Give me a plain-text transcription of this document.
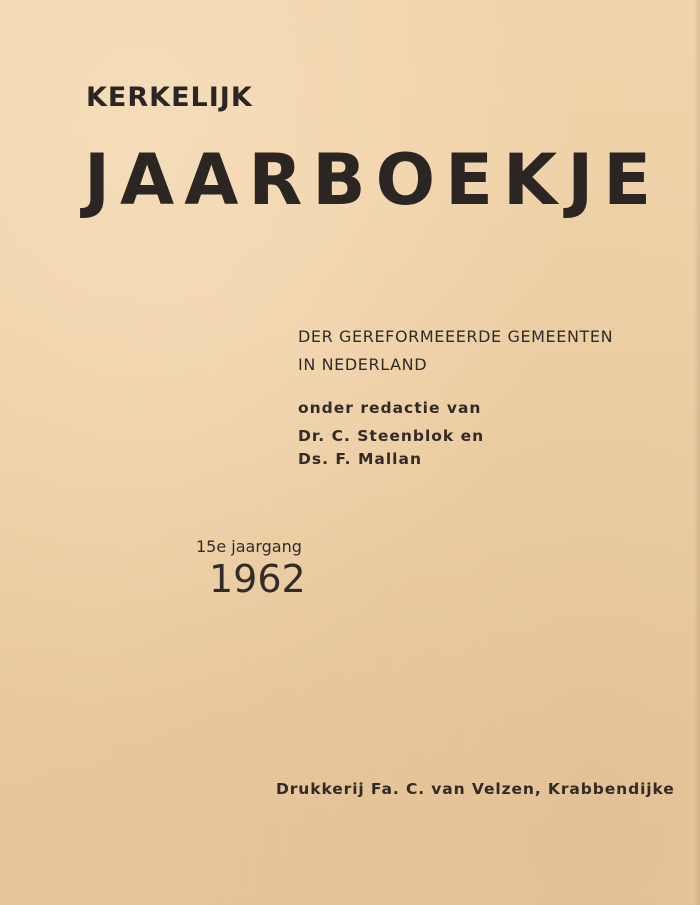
KERKELIJK
JAARBOEKJE
DER GEREFORMEEERDE GEMEENTEN
IN NEDERLAND
onder redactie van
Dr. C. Steenblok en
Ds. F. Mallan
15e jaargang
1962
Drukkerij Fa. C. van Velzen, Krabbendijke
